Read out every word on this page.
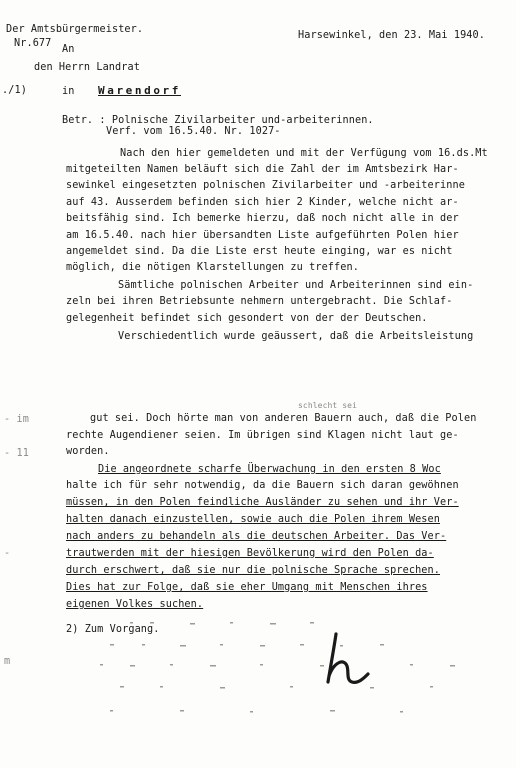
Der Amtsbürgermeister.
Nr.677
Harsewinkel, den 23. Mai 1940.
An
den Herrn Landrat
./1)	in Warendorf
Betr. : Polnische Zivilarbeiter und-arbeiterinnen.
Verf. vom 16.5.40. Nr. 1027-
Nach den hier gemeldeten und mit der Verfügung vom 16.ds.Mt
mitgeteilten Namen beläuft sich die Zahl der im Amtsbezirk Har-
sewinkel eingesetzten polnischen Zivilarbeiter und -arbeiterinne
auf 43. Ausserdem befinden sich hier 2 Kinder, welche nicht ar-
beitsfähig sind. Ich bemerke hierzu, daß noch nicht alle in der
am 16.5.40. nach hier übersandten Liste aufgeführten Polen hier
angemeldet sind. Da die Liste erst heute einging, war es nicht
möglich, die nötigen Klarstellungen zu treffen.
Sämtliche polnischen Arbeiter und Arbeiterinnen sind ein-
zeln bei ihren Betriebsunte nehmern untergebracht. Die Schlaf-
gelegenheit befindet sich gesondert von der der Deutschen.
Verschiedentlich wurde geäussert, daß die Arbeitsleistung
schlecht sei
- im
- 11
-
m
gut sei. Doch hörte man von anderen Bauern auch, daß die Polen
rechte Augendiener seien. Im übrigen sind Klagen nicht laut ge-
worden.
Die angeordnete scharfe Überwachung in den ersten 8 Woc
halte ich für sehr notwendig, da die Bauern sich daran gewöhnen
müssen, in den Polen feindliche Ausländer zu sehen und ihr Ver-
halten danach einzustellen, sowie auch die Polen ihrem Wesen
nach anders zu behandeln als die deutschen Arbeiter. Das Ver-
trautwerden mit der hiesigen Bevölkerung wird den Polen da-
durch erschwert, daß sie nur die polnische Sprache sprechen.
Dies hat zur Folge, daß sie eher Umgang mit Menschen ihres
eigenen Volkes suchen.
2) Zum Vorgang.
